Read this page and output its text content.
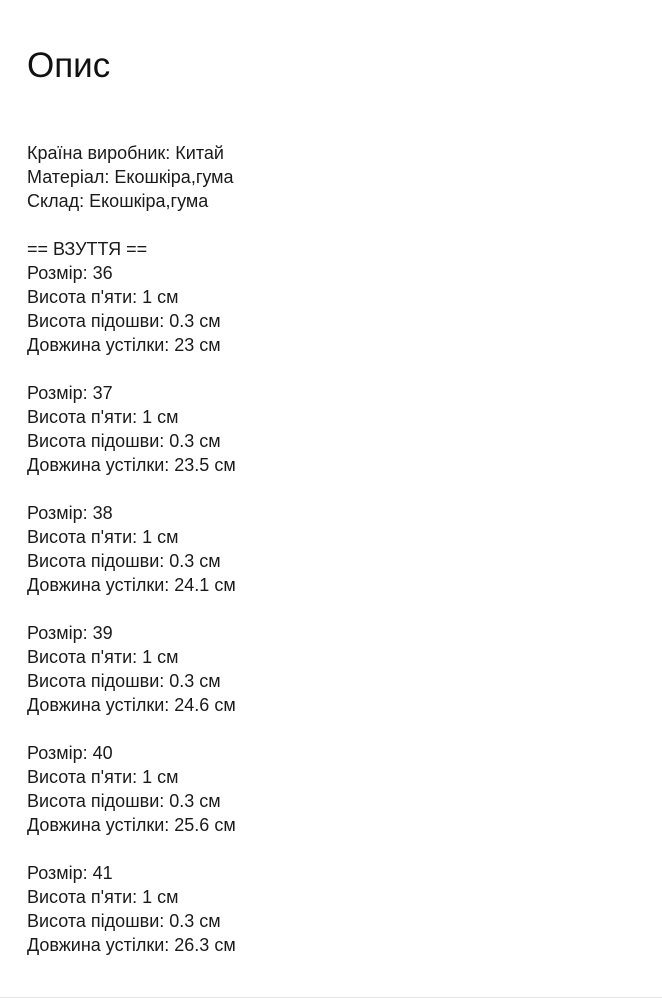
Опис
Країна виробник: Китай
Матеріал: Екошкіра,гума
Склад: Екошкіра,гума
== ВЗУТТЯ ==
Розмір: 36
Висота п'яти: 1 см
Висота підошви: 0.3 см
Довжина устілки: 23 см
Розмір: 37
Висота п'яти: 1 см
Висота підошви: 0.3 см
Довжина устілки: 23.5 см
Розмір: 38
Висота п'яти: 1 см
Висота підошви: 0.3 см
Довжина устілки: 24.1 см
Розмір: 39
Висота п'яти: 1 см
Висота підошви: 0.3 см
Довжина устілки: 24.6 см
Розмір: 40
Висота п'яти: 1 см
Висота підошви: 0.3 см
Довжина устілки: 25.6 см
Розмір: 41
Висота п'яти: 1 см
Висота підошви: 0.3 см
Довжина устілки: 26.3 см
